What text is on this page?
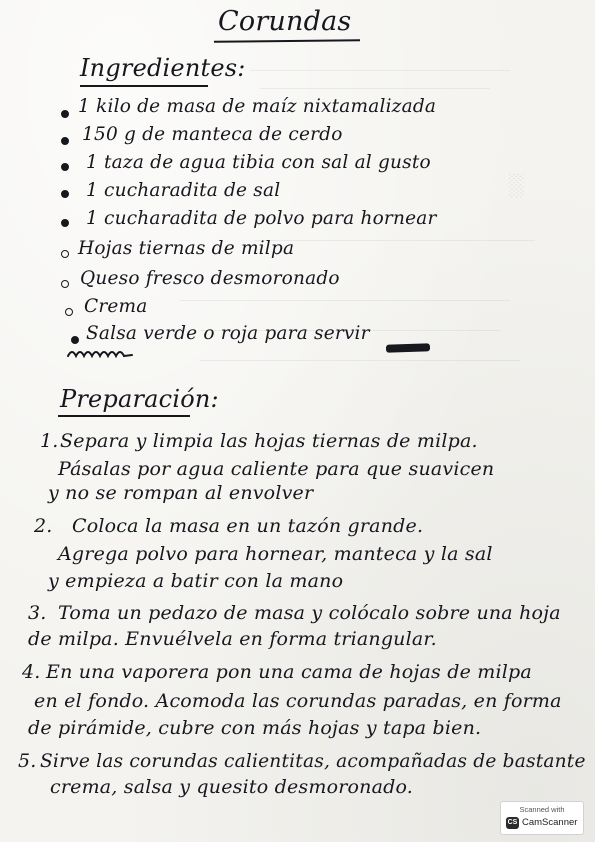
░
Corundas
Ingredientes:
1 kilo de masa de maíz nixtamalizada
150 g de manteca de cerdo
1 taza de agua tibia con sal al gusto
1 cucharadita de sal
1 cucharadita de polvo para hornear
Hojas tiernas de milpa
Queso fresco desmoronado
Crema
Salsa verde o roja para servir
Preparación:
1. Separa y limpia las hojas tiernas de milpa.
Pásalas por agua caliente para que suavicen
y no se rompan al envolver
2. Coloca la masa en un tazón grande.
Agrega polvo para hornear, manteca y la sal
y empieza a batir con la mano
3. Toma un pedazo de masa y colócalo sobre una hoja
de milpa. Envuélvela en forma triangular.
4. En una vaporera pon una cama de hojas de milpa
en el fondo. Acomoda las corundas paradas, en forma
de pirámide, cubre con más hojas y tapa bien.
5. Sirve las corundas calientitas, acompañadas de bastante
crema, salsa y quesito desmoronado.
Scanned with
CS CamScanner
